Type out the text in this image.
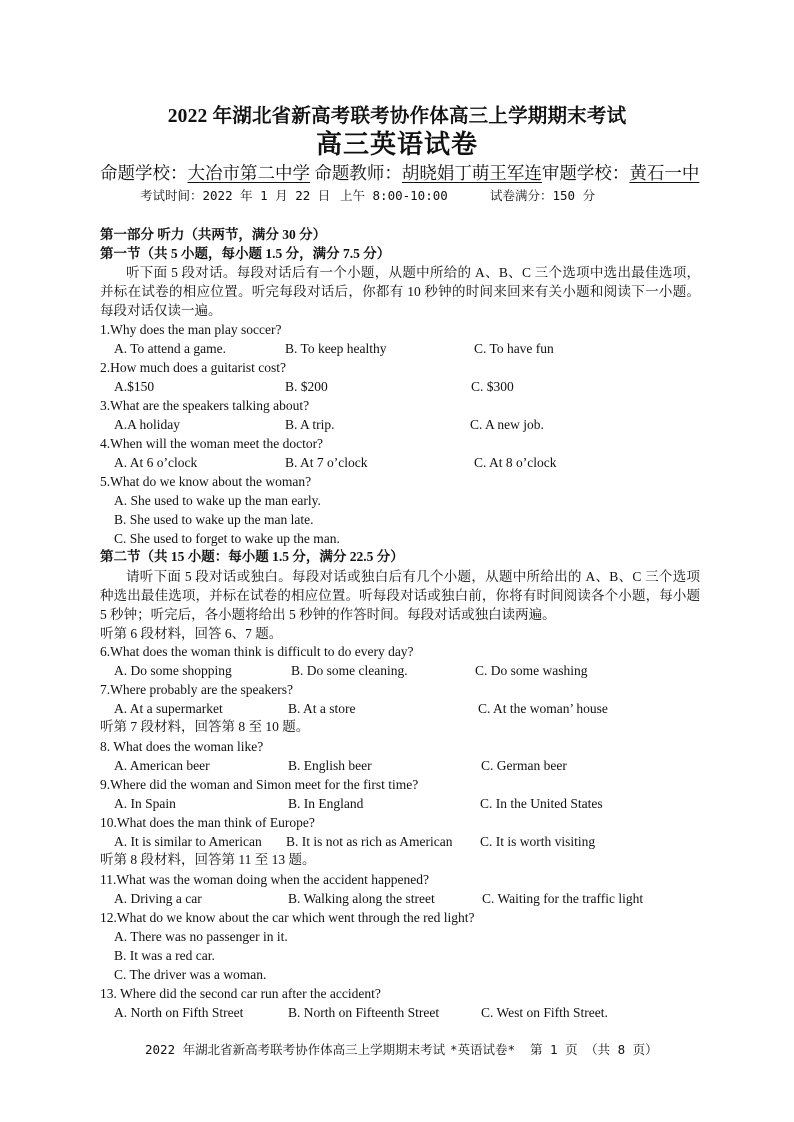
2022 年湖北省新高考联考协作体高三上学期期末考试
高三英语试卷
命题学校：大冶市第二中学 命题教师：胡晓娟丁萌王军连审题学校：黄石一中
考试时间：2022 年 1 月 22 日 上午 8:00-10:00	试卷满分：150 分
第一部分 听力（共两节，满分 30 分）
第一节（共 5 小题，每小题 1.5 分，满分 7.5 分）
听下面 5 段对话。每段对话后有一个小题，从题中所给的 A、B、C 三个选项中选出最佳选项，并标在试卷的相应位置。听完每段对话后，你都有 10 秒钟的时间来回来有关小题和阅读下一小题。每段对话仅读一遍。
1.Why does the man play soccer?
A. To attend a game.	B. To keep healthy	C. To have fun
2.How much does a guitarist cost?
A.$150	B. $200	C. $300
3.What are the speakers talking about?
A.A holiday	B. A trip.	C. A new job.
4.When will the woman meet the doctor?
A. At 6 o’clock	B. At 7 o’clock	C. At 8 o’clock
5.What do we know about the woman?
A. She used to wake up the man early.
B. She used to wake up the man late.
C. She used to forget to wake up the man.
第二节（共 15 小题：每小题 1.5 分，满分 22.5 分）
请听下面 5 段对话或独白。每段对话或独白后有几个小题，从题中所给出的 A、B、C 三个选项种选出最佳选项，并标在试卷的相应位置。听每段对话或独白前，你将有时间阅读各个小题，每小题 5 秒钟；听完后，各小题将给出 5 秒钟的作答时间。每段对话或独白读两遍。
听第 6 段材料，回答 6、7 题。
6.What does the woman think is difficult to do every day?
A. Do some shopping	B. Do some cleaning.	C. Do some washing
7.Where probably are the speakers?
A. At a supermarket	B. At a store	C. At the woman’ house
听第 7 段材料，回答第 8 至 10 题。
8. What does the woman like?
A. American beer	B. English beer	C. German beer
9.Where did the woman and Simon meet for the first time?
A. In Spain	B. In England	C. In the United States
10.What does the man think of Europe?
A. It is similar to American B. It is not as rich as American C. It is worth visiting
听第 8 段材料，回答第 11 至 13 题。
11.What was the woman doing when the accident happened?
A. Driving a car	B. Walking along the street	C. Waiting for the traffic light
12.What do we know about the car which went through the red light?
A. There was no passenger in it.
B. It was a red car.
C. The driver was a woman.
13. Where did the second car run after the accident?
A. North on Fifth Street	B. North on Fifteenth Street	C. West on Fifth Street.
2022 年湖北省新高考联考协作体高三上学期期末考试 *英语试卷* 第 1 页 （共 8 页）
